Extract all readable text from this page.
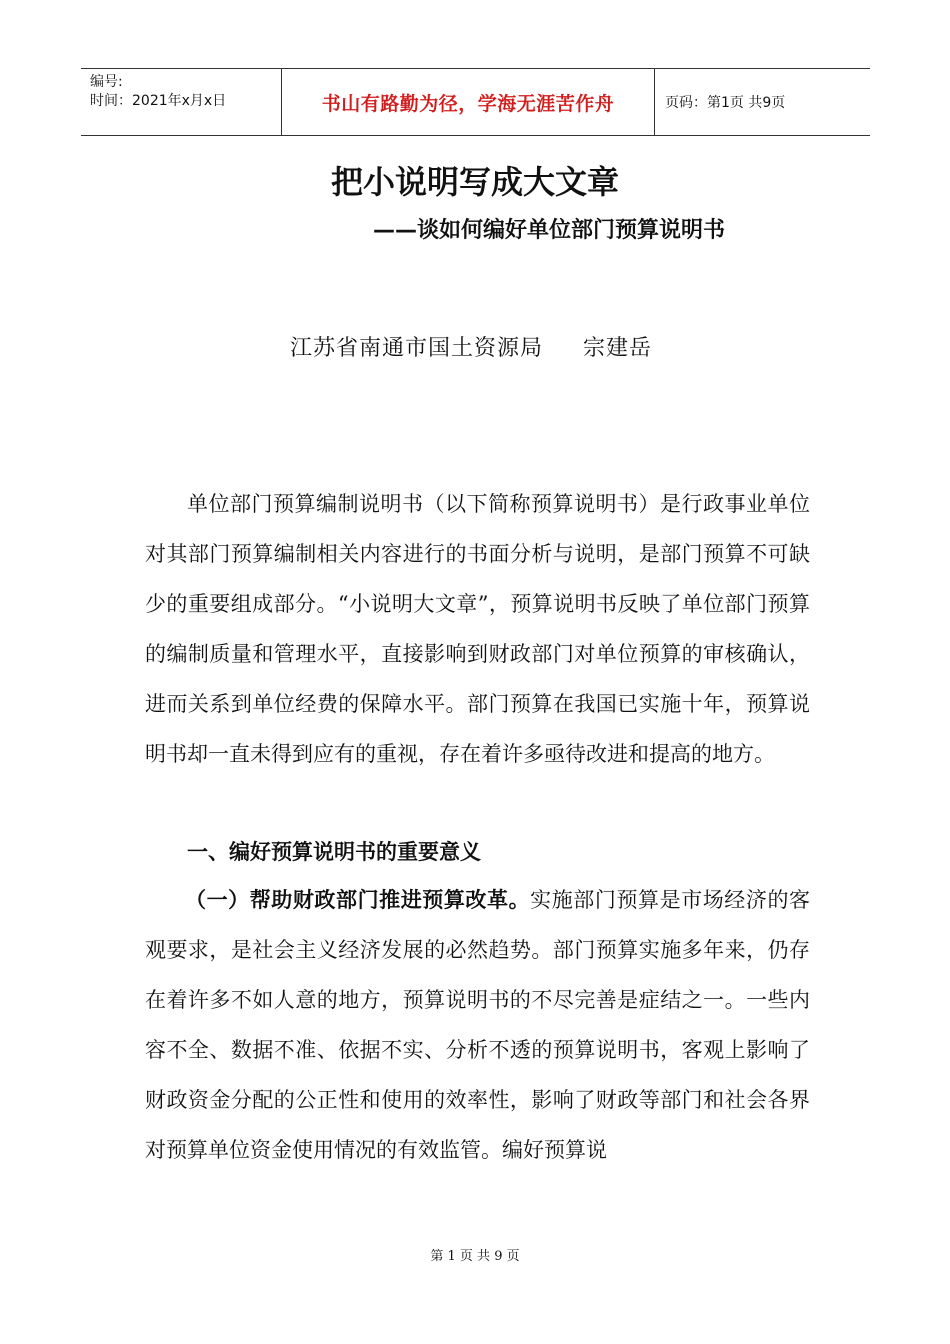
编号:
时间：2021年x月x日	书山有路勤为径，学海无涯苦作舟	页码：第1页 共9页
把小说明写成大文章
——谈如何编好单位部门预算说明书
江苏省南通市国土资源局     宗建岳

单位部门预算编制说明书（以下简称预算说明书）是行政事业单位对其部门预算编制相关内容进行的书面分析与说明，是部门预算不可缺少的重要组成部分。“小说明大文章”，预算说明书反映了单位部门预算的编制质量和管理水平，直接影响到财政部门对单位预算的审核确认，进而关系到单位经费的保障水平。部门预算在我国已实施十年，预算说明书却一直未得到应有的重视，存在着许多亟待改进和提高的地方。

一、编好预算说明书的重要意义

（一）帮助财政部门推进预算改革。实施部门预算是市场经济的客观要求，是社会主义经济发展的必然趋势。部门预算实施多年来，仍存在着许多不如人意的地方，预算说明书的不尽完善是症结之一。一些内容不全、数据不准、依据不实、分析不透的预算说明书，客观上影响了财政资金分配的公正性和使用的效率性，影响了财政等部门和社会各界对预算单位资金使用情况的有效监管。编好预算说

第 1 页 共 9 页
